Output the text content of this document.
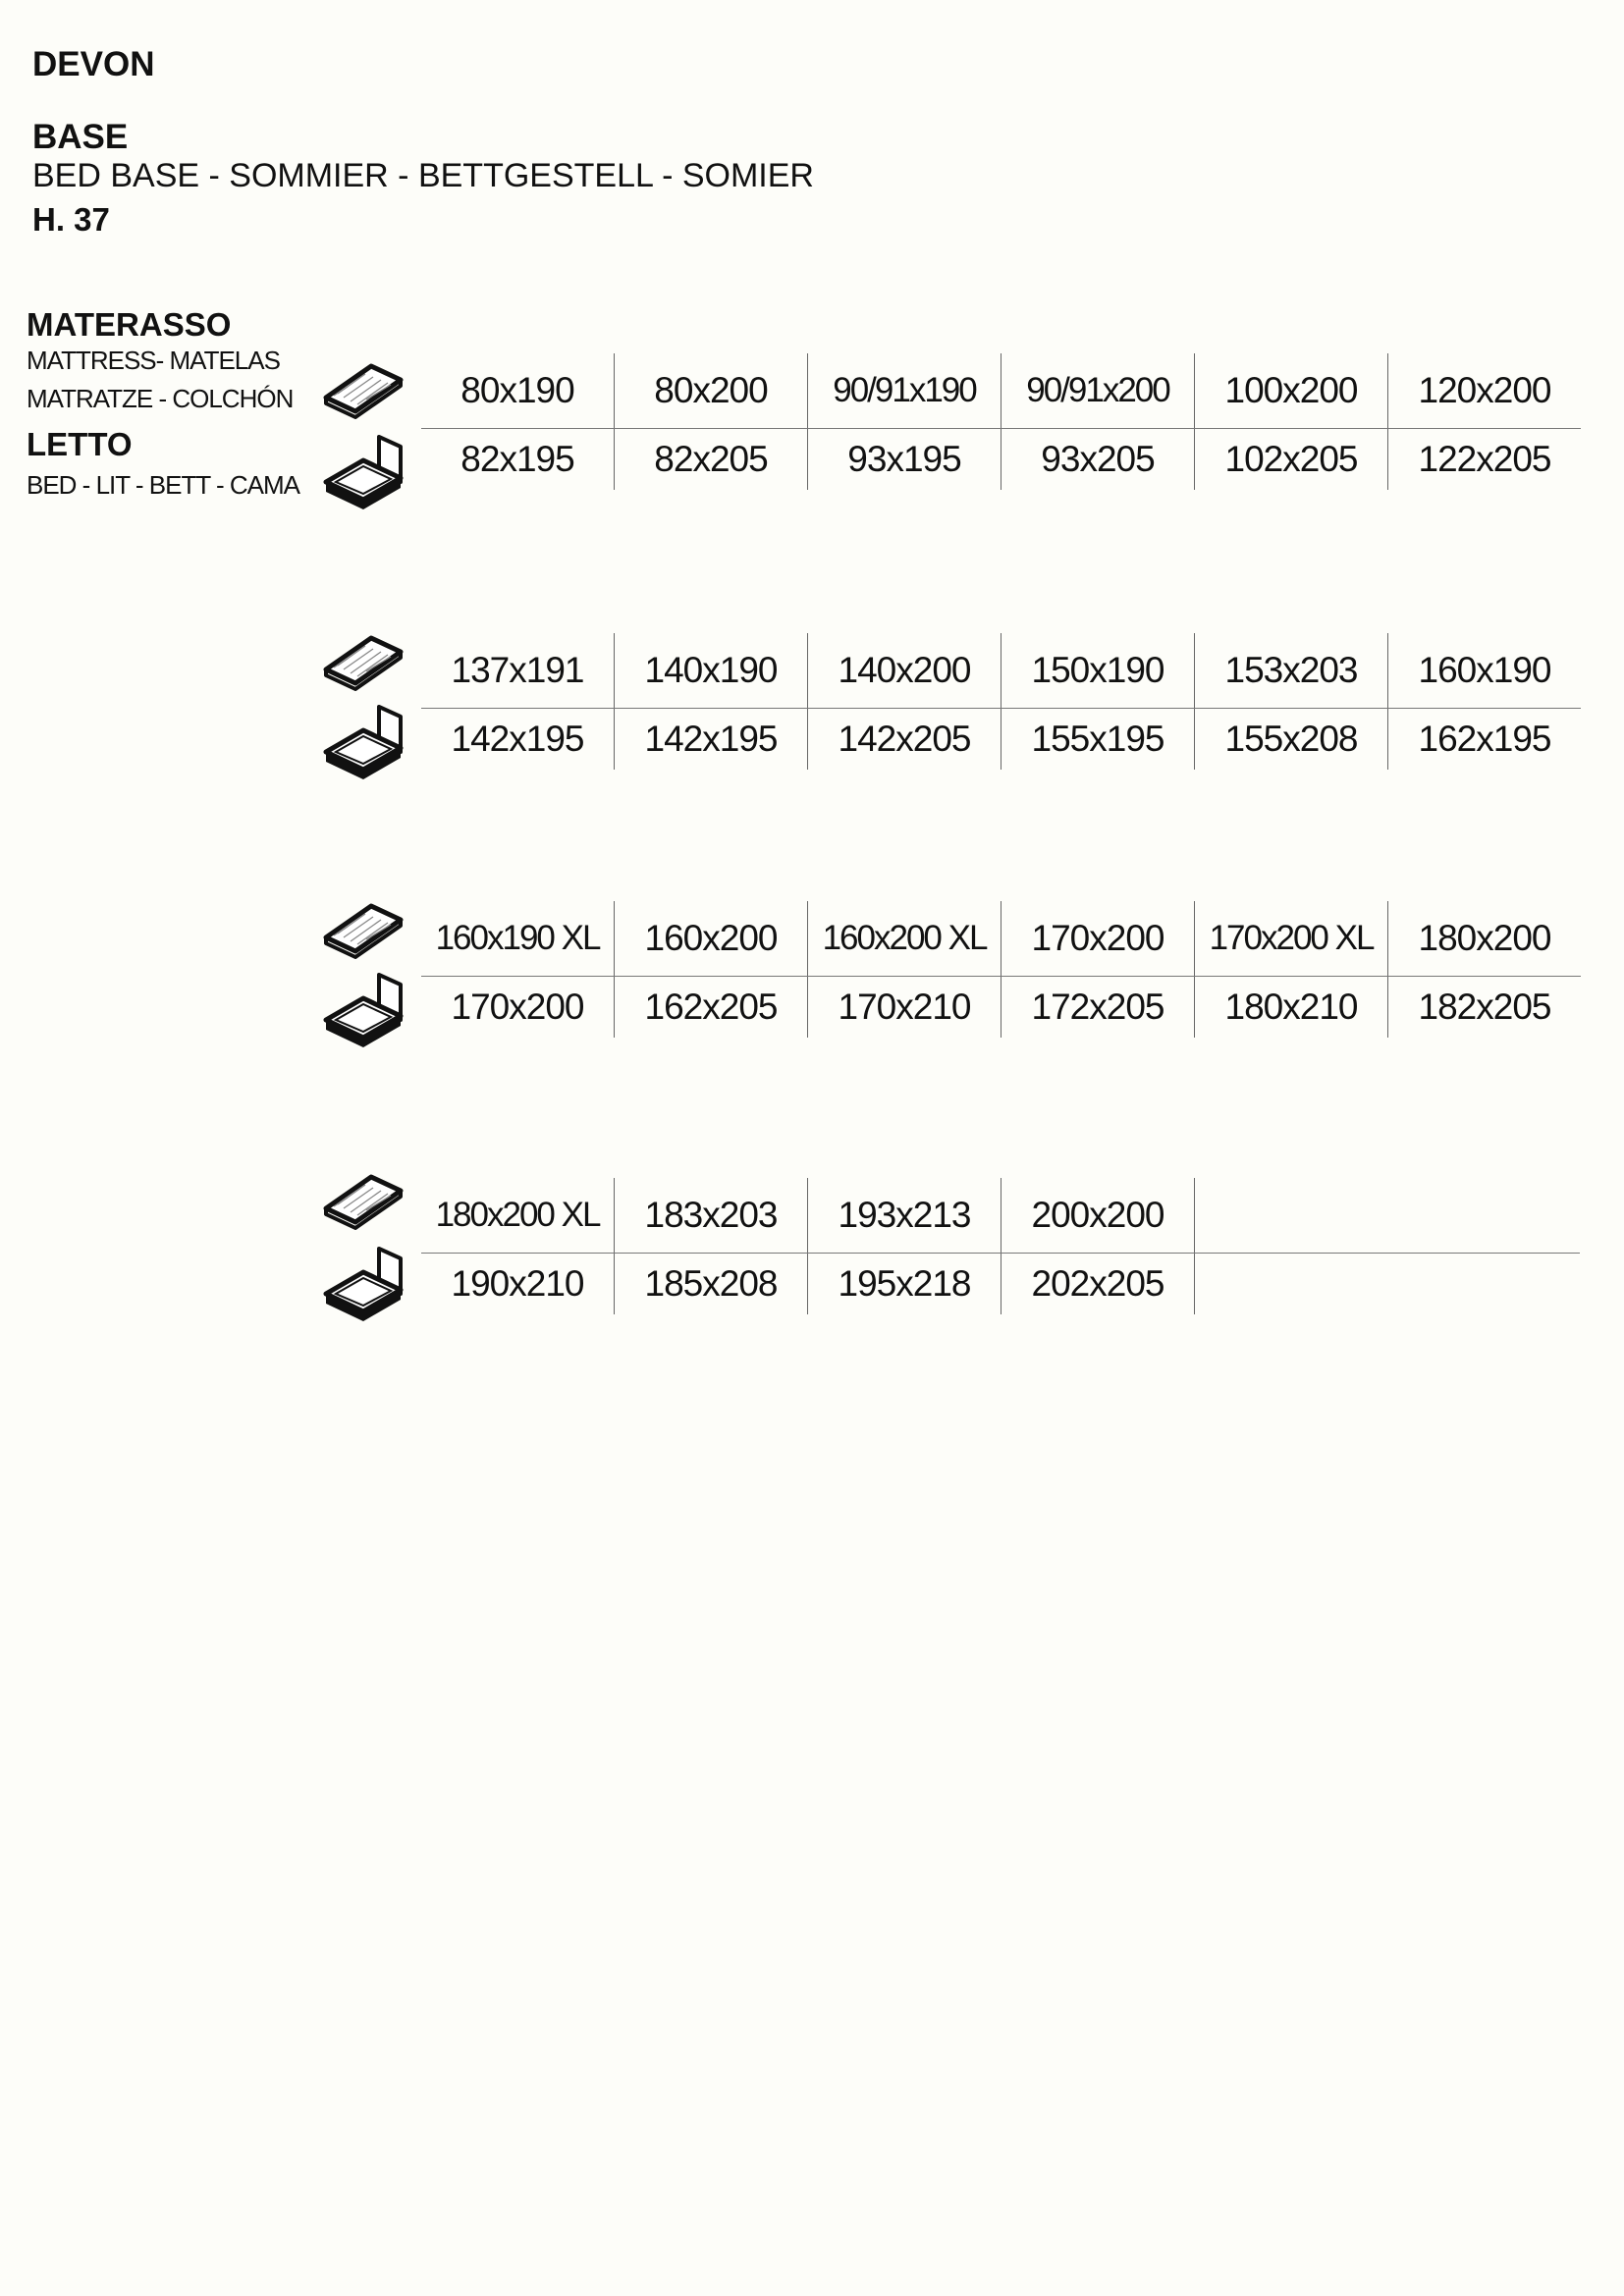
DEVON
BASE
BED BASE - SOMMIER - BETTGESTELL - SOMIER
H. 37
MATERASSO
MATTRESS- MATELAS
MATRATZE - COLCHÓN
LETTO
BED - LIT - BETT - CAMA
80x190	80x200	90/91x190	90/91x200	100x200	120x200
82x195	82x205	93x195	93x205	102x205	122x205
137x191	140x190	140x200	150x190	153x203	160x190
142x195	142x195	142x205	155x195	155x208	162x195
160x190 XL	160x200	160x200 XL	170x200	170x200 XL	180x200
170x200	162x205	170x210	172x205	180x210	182x205
180x200 XL	183x203	193x213	200x200		
190x210	185x208	195x218	202x205		
